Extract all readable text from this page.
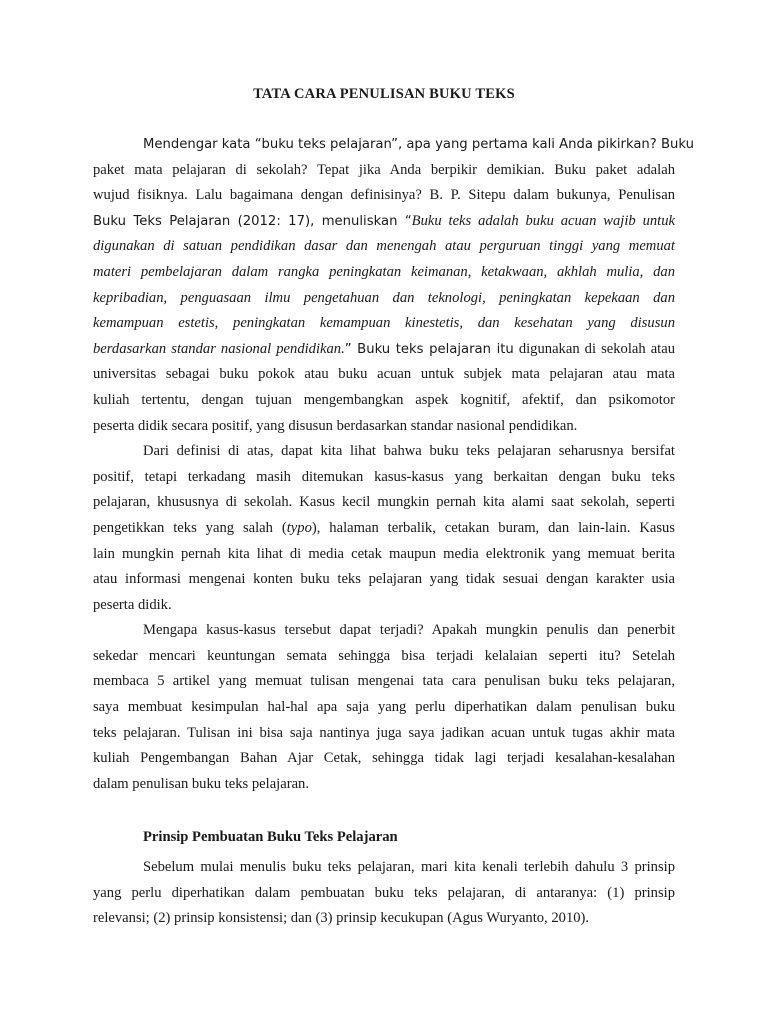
TATA CARA PENULISAN BUKU TEKS
Mendengar kata “buku teks pelajaran”, apa yang pertama kali Anda pikirkan? Buku
paket mata pelajaran di sekolah? Tepat jika Anda berpikir demikian. Buku paket adalah
wujud fisiknya. Lalu bagaimana dengan definisinya? B. P. Sitepu dalam bukunya, Penulisan
Buku Teks Pelajaran (2012: 17), menuliskan “Buku teks adalah buku acuan wajib untuk
digunakan di satuan pendidikan dasar dan menengah atau perguruan tinggi yang memuat
materi pembelajaran dalam rangka peningkatan keimanan, ketakwaan, akhlah mulia, dan
kepribadian, penguasaan ilmu pengetahuan dan teknologi, peningkatan kepekaan dan
kemampuan estetis, peningkatan kemampuan kinestetis, dan kesehatan yang disusun
berdasarkan standar nasional pendidikan.” Buku teks pelajaran itu digunakan di sekolah atau
universitas sebagai buku pokok atau buku acuan untuk subjek mata pelajaran atau mata
kuliah tertentu, dengan tujuan mengembangkan aspek kognitif, afektif, dan psikomotor
peserta didik secara positif, yang disusun berdasarkan standar nasional pendidikan.
Dari definisi di atas, dapat kita lihat bahwa buku teks pelajaran seharusnya bersifat
positif, tetapi terkadang masih ditemukan kasus-kasus yang berkaitan dengan buku teks
pelajaran, khususnya di sekolah. Kasus kecil mungkin pernah kita alami saat sekolah, seperti
pengetikkan teks yang salah (typo), halaman terbalik, cetakan buram, dan lain-lain. Kasus
lain mungkin pernah kita lihat di media cetak maupun media elektronik yang memuat berita
atau informasi mengenai konten buku teks pelajaran yang tidak sesuai dengan karakter usia
peserta didik.
Mengapa kasus-kasus tersebut dapat terjadi? Apakah mungkin penulis dan penerbit
sekedar mencari keuntungan semata sehingga bisa terjadi kelalaian seperti itu? Setelah
membaca 5 artikel yang memuat tulisan mengenai tata cara penulisan buku teks pelajaran,
saya membuat kesimpulan hal-hal apa saja yang perlu diperhatikan dalam penulisan buku
teks pelajaran. Tulisan ini bisa saja nantinya juga saya jadikan acuan untuk tugas akhir mata
kuliah Pengembangan Bahan Ajar Cetak, sehingga tidak lagi terjadi kesalahan-kesalahan
dalam penulisan buku teks pelajaran.
Prinsip Pembuatan Buku Teks Pelajaran
Sebelum mulai menulis buku teks pelajaran, mari kita kenali terlebih dahulu 3 prinsip
yang perlu diperhatikan dalam pembuatan buku teks pelajaran, di antaranya: (1) prinsip
relevansi; (2) prinsip konsistensi; dan (3) prinsip kecukupan (Agus Wuryanto, 2010).
